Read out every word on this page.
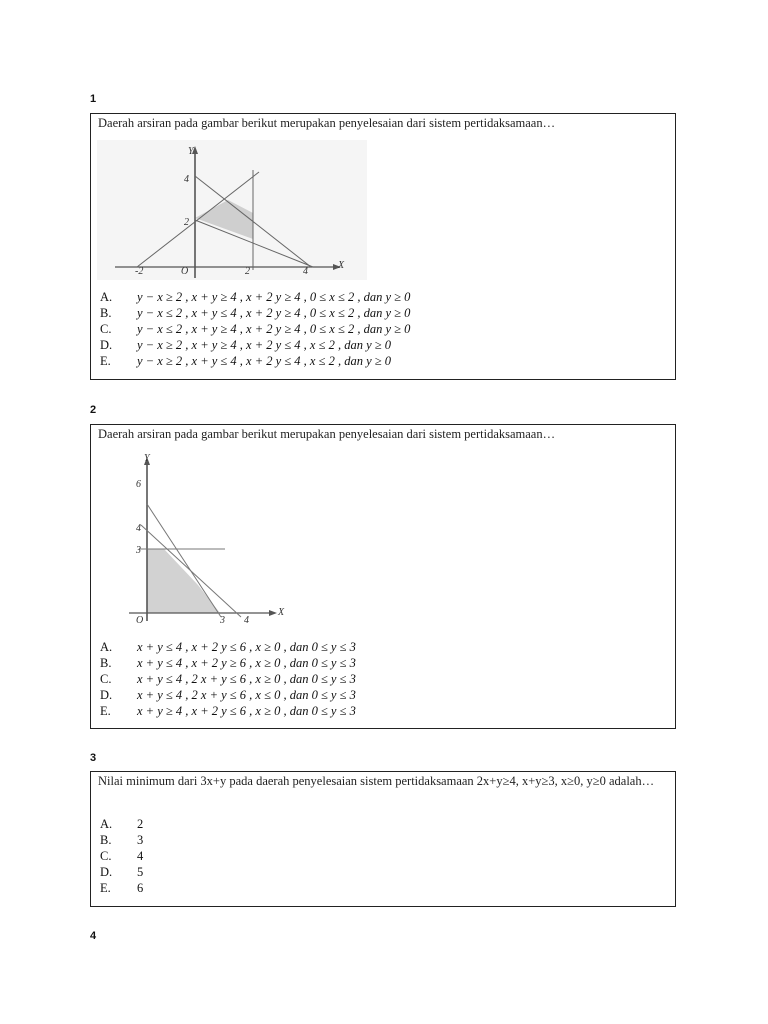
1
Daerah arsiran pada gambar berikut merupakan penyelesaian dari sistem pertidaksamaan…
Y
X
O
-2	2	4
2
4
A.	y − x ≥ 2 , x + y ≥ 4 , x + 2 y ≥ 4 , 0 ≤ x ≤ 2 , dan y ≥ 0
B.	y − x ≤ 2 , x + y ≤ 4 , x + 2 y ≥ 4 , 0 ≤ x ≤ 2 , dan y ≥ 0
C.	y − x ≤ 2 , x + y ≥ 4 , x + 2 y ≥ 4 , 0 ≤ x ≤ 2 , dan y ≥ 0
D.	y − x ≥ 2 , x + y ≥ 4 , x + 2 y ≤ 4 , x ≤ 2 , dan y ≥ 0
E.	y − x ≥ 2 , x + y ≤ 4 , x + 2 y ≤ 4 , x ≤ 2 , dan y ≥ 0
2
Daerah arsiran pada gambar berikut merupakan penyelesaian dari sistem pertidaksamaan…
Y
X
O	3 4
3
4
6
A.	x + y ≤ 4 , x + 2 y ≤ 6 , x ≥ 0 , dan 0 ≤ y ≤ 3
B.	x + y ≤ 4 , x + 2 y ≥ 6 , x ≥ 0 , dan 0 ≤ y ≤ 3
C.	x + y ≤ 4 , 2 x + y ≤ 6 , x ≥ 0 , dan 0 ≤ y ≤ 3
D.	x + y ≤ 4 , 2 x + y ≤ 6 , x ≤ 0 , dan 0 ≤ y ≤ 3
E.	x + y ≥ 4 , x + 2 y ≤ 6 , x ≥ 0 , dan 0 ≤ y ≤ 3
3
Nilai minimum dari 3x+y pada daerah penyelesaian sistem pertidaksamaan 2x+y≥4, x+y≥3, x≥0, y≥0 adalah…
A.	2
B.	3
C.	4
D.	5
E.	6
4
